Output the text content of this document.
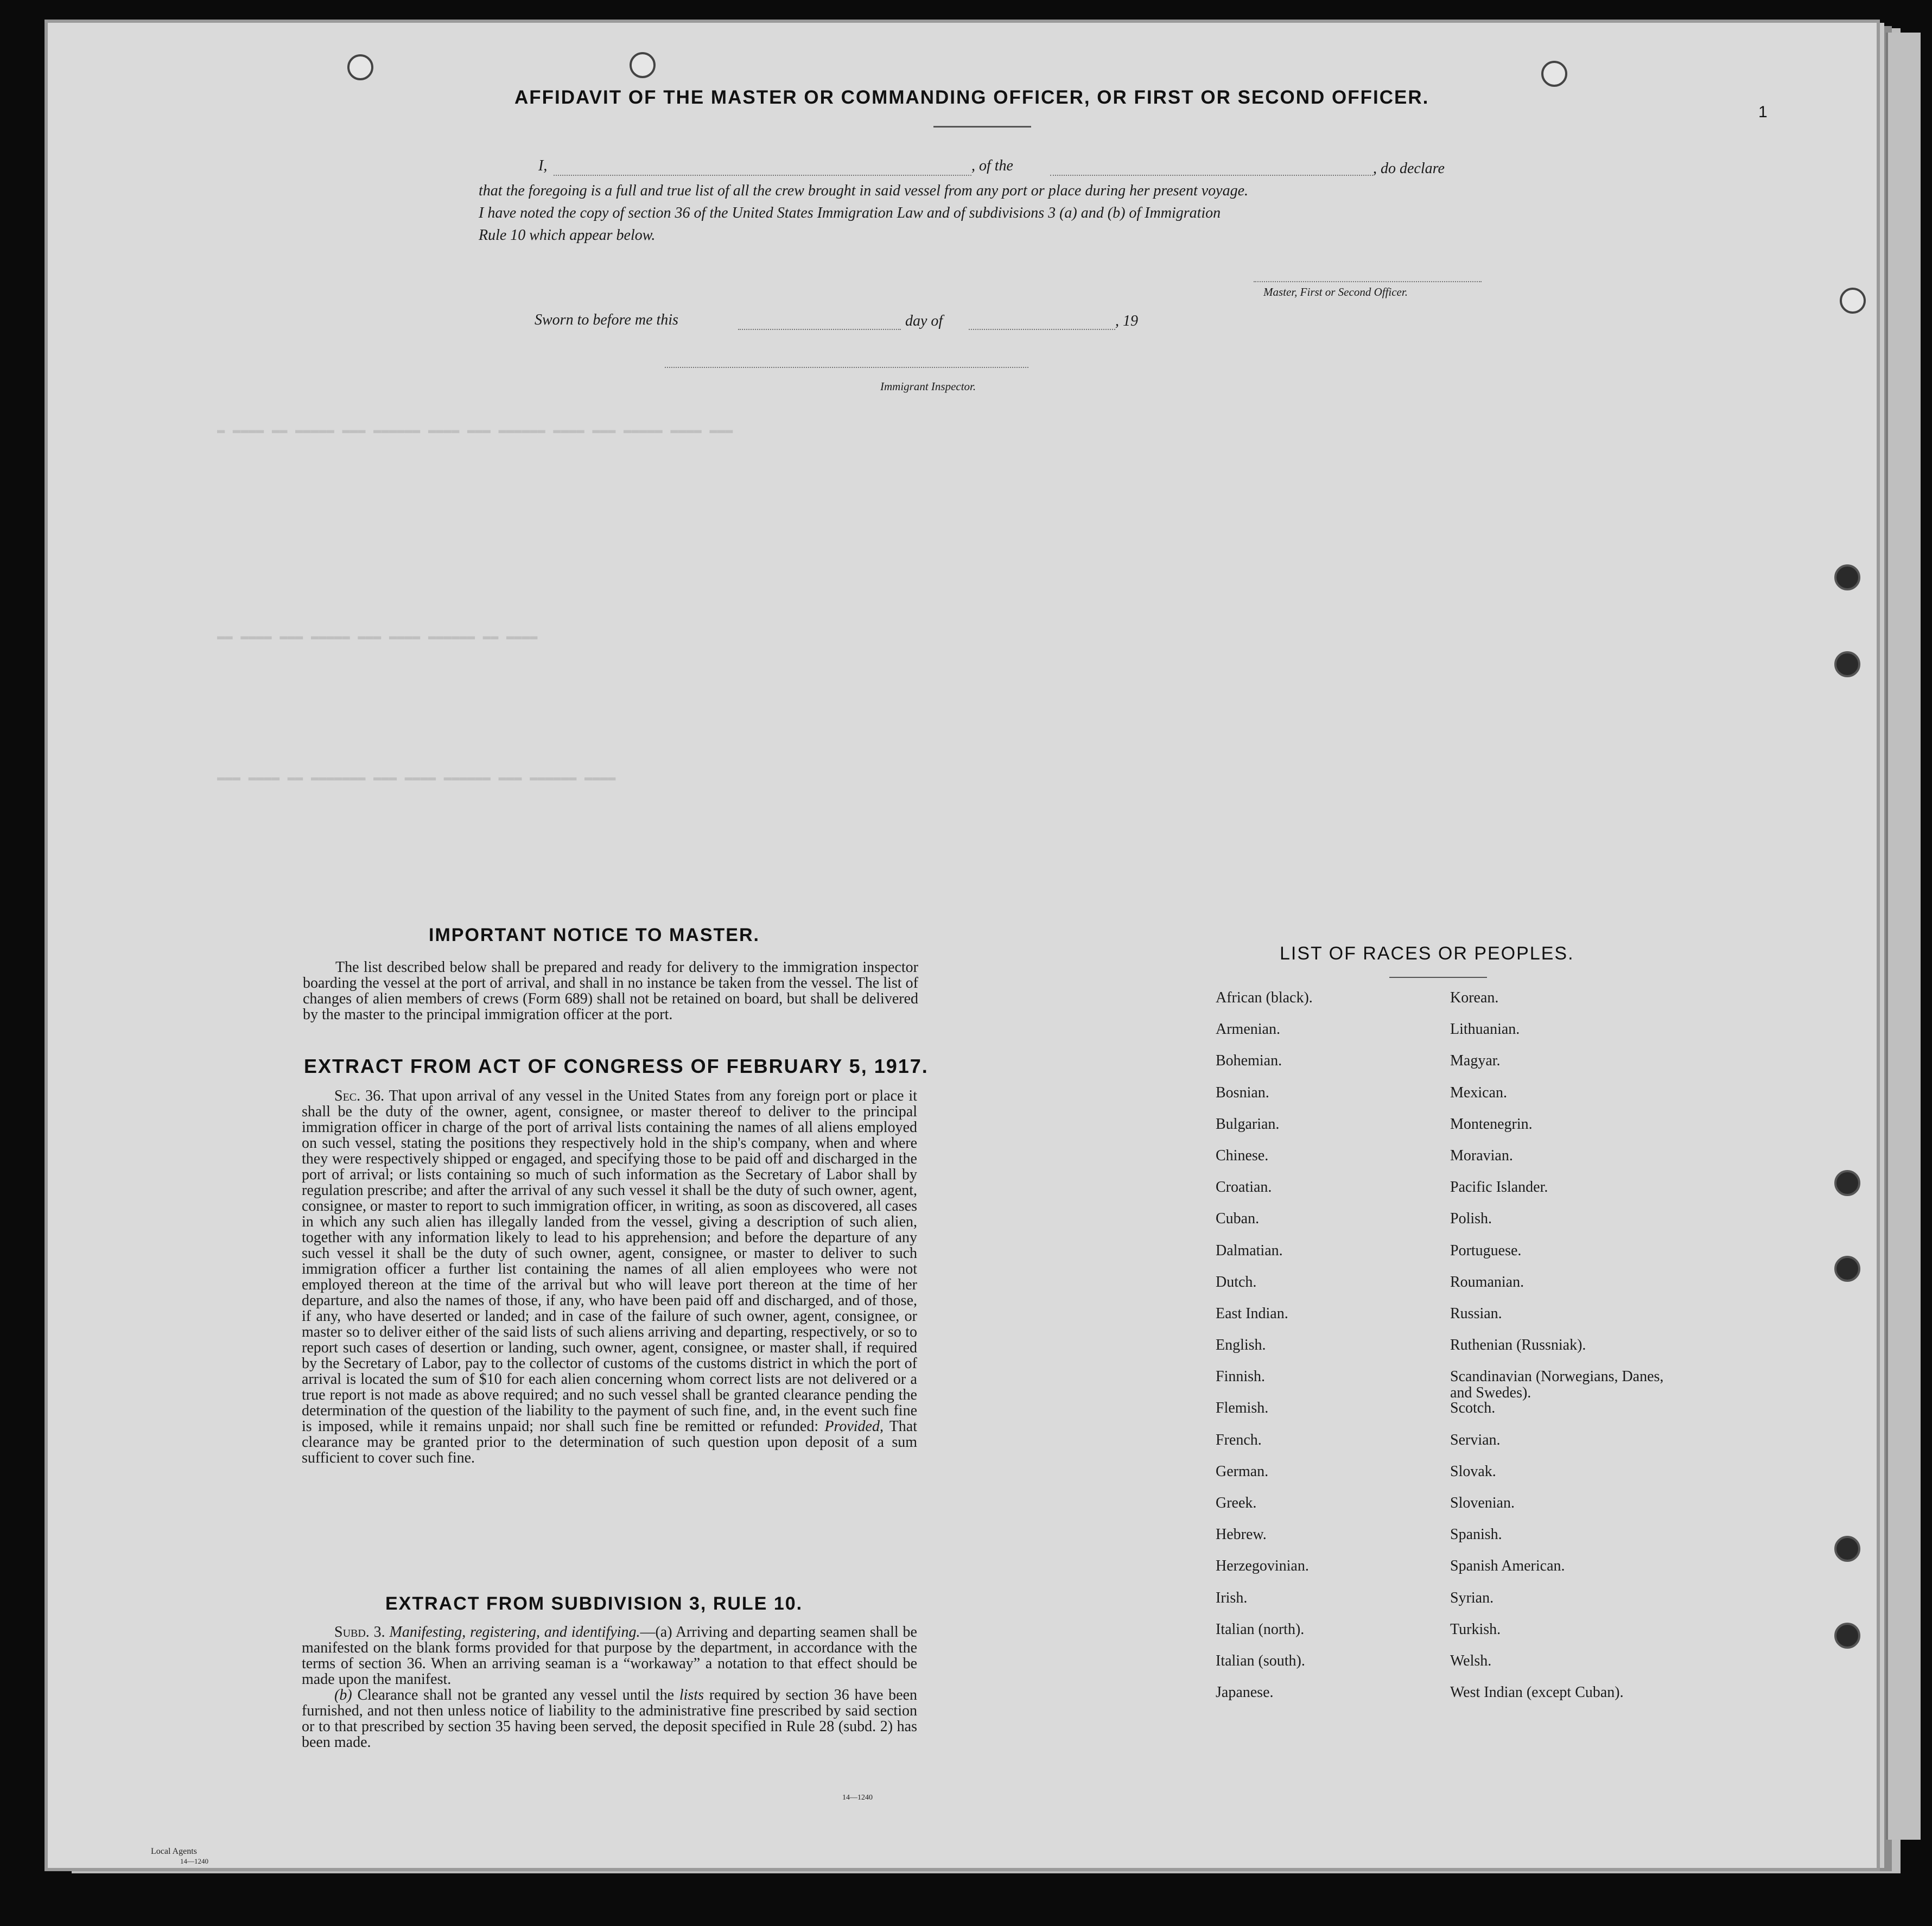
▬ ▬▬▬▬ ▬▬ ▬▬▬▬▬ ▬▬▬ ▬▬▬▬▬▬ ▬▬▬▬ ▬▬▬ ▬▬▬▬▬▬ ▬▬▬▬ ▬▬▬ ▬▬▬▬▬ ▬▬▬▬ ▬▬▬
▬▬ ▬▬▬▬ ▬▬▬ ▬▬▬▬▬ ▬▬▬ ▬▬▬▬ ▬▬▬▬▬▬ ▬▬ ▬▬▬▬
▬▬▬ ▬▬▬▬ ▬▬ ▬▬▬▬▬▬▬ ▬▬▬ ▬▬▬▬ ▬▬▬▬▬▬ ▬▬▬ ▬▬▬▬▬▬ ▬▬▬▬
1
AFFIDAVIT OF THE MASTER OR COMMANDING OFFICER, OR FIRST OR SECOND OFFICER.
I,	, of the	, do declare
that the foregoing is a full and true list of all the crew brought in said vessel from any port or place during her present voyage.
I have noted the copy of section 36 of the United States Immigration Law and of subdivisions 3 (a) and (b) of Immigration
Rule 10 which appear below.
Master, First or Second Officer.
Sworn to before me this	day of	, 19
Immigrant Inspector.
IMPORTANT NOTICE TO MASTER.

The list described below shall be prepared and ready for delivery to the immigration inspector boarding the vessel at the port of arrival, and shall in no instance be taken from the vessel. The list of changes of alien members of crews (Form 689) shall not be retained on board, but shall be delivered by the master to the principal immigration officer at the port.

EXTRACT FROM ACT OF CONGRESS OF FEBRUARY 5, 1917.

Sec. 36. That upon arrival of any vessel in the United States from any foreign port or place it shall be the duty of the owner, agent, consignee, or master thereof to deliver to the principal immigration officer in charge of the port of arrival lists containing the names of all aliens employed on such vessel, stating the positions they respectively hold in the ship's company, when and where they were respectively shipped or engaged, and specifying those to be paid off and discharged in the port of arrival; or lists containing so much of such information as the Secretary of Labor shall by regulation prescribe; and after the arrival of any such vessel it shall be the duty of such owner, agent, consignee, or master to report to such immigration officer, in writing, as soon as discovered, all cases in which any such alien has illegally landed from the vessel, giving a description of such alien, together with any information likely to lead to his apprehension; and before the departure of any such vessel it shall be the duty of such owner, agent, consignee, or master to deliver to such immigration officer a further list containing the names of all alien employees who were not employed thereon at the time of the arrival but who will leave port thereon at the time of her departure, and also the names of those, if any, who have been paid off and discharged, and of those, if any, who have deserted or landed; and in case of the failure of such owner, agent, consignee, or master so to deliver either of the said lists of such aliens arriving and departing, respectively, or so to report such cases of desertion or landing, such owner, agent, consignee, or master shall, if required by the Secretary of Labor, pay to the collector of customs of the customs district in which the port of arrival is located the sum of $10 for each alien concerning whom correct lists are not delivered or a true report is not made as above required; and no such vessel shall be granted clearance pending the determination of the question of the liability to the payment of such fine, and, in the event such fine is imposed, while it remains unpaid; nor shall such fine be remitted or refunded: Provided, That clearance may be granted prior to the determination of such question upon deposit of a sum sufficient to cover such fine.

EXTRACT FROM SUBDIVISION 3, RULE 10.

Subd. 3. Manifesting, registering, and identifying.—(a) Arriving and departing seamen shall be manifested on the blank forms provided for that purpose by the department, in accordance with the terms of section 36. When an arriving seaman is a “workaway” a notation to that effect should be made upon the manifest.

(b) Clearance shall not be granted any vessel until the lists required by section 36 have been furnished, and not then unless notice of liability to the administrative fine prescribed by said section or to that prescribed by section 35 having been served, the deposit specified in Rule 28 (subd. 2) has been made.

14—1240
LIST OF RACES OR PEOPLES.
African (black).
Armenian.
Bohemian.
Bosnian.
Bulgarian.
Chinese.
Croatian.
Cuban.
Dalmatian.
Dutch.
East Indian.
English.
Finnish.
Flemish.
French.
German.
Greek.
Hebrew.
Herzegovinian.
Irish.
Italian (north).
Italian (south).
Japanese.
Korean.
Lithuanian.
Magyar.
Mexican.
Montenegrin.
Moravian.
Pacific Islander.
Polish.
Portuguese.
Roumanian.
Russian.
Ruthenian (Russniak).
Scandinavian (Norwegians, Danes, and Swedes).
Scotch.
Servian.
Slovak.
Slovenian.
Spanish.
Spanish American.
Syrian.
Turkish.
Welsh.
West Indian (except Cuban).
Local Agents
14—1240
